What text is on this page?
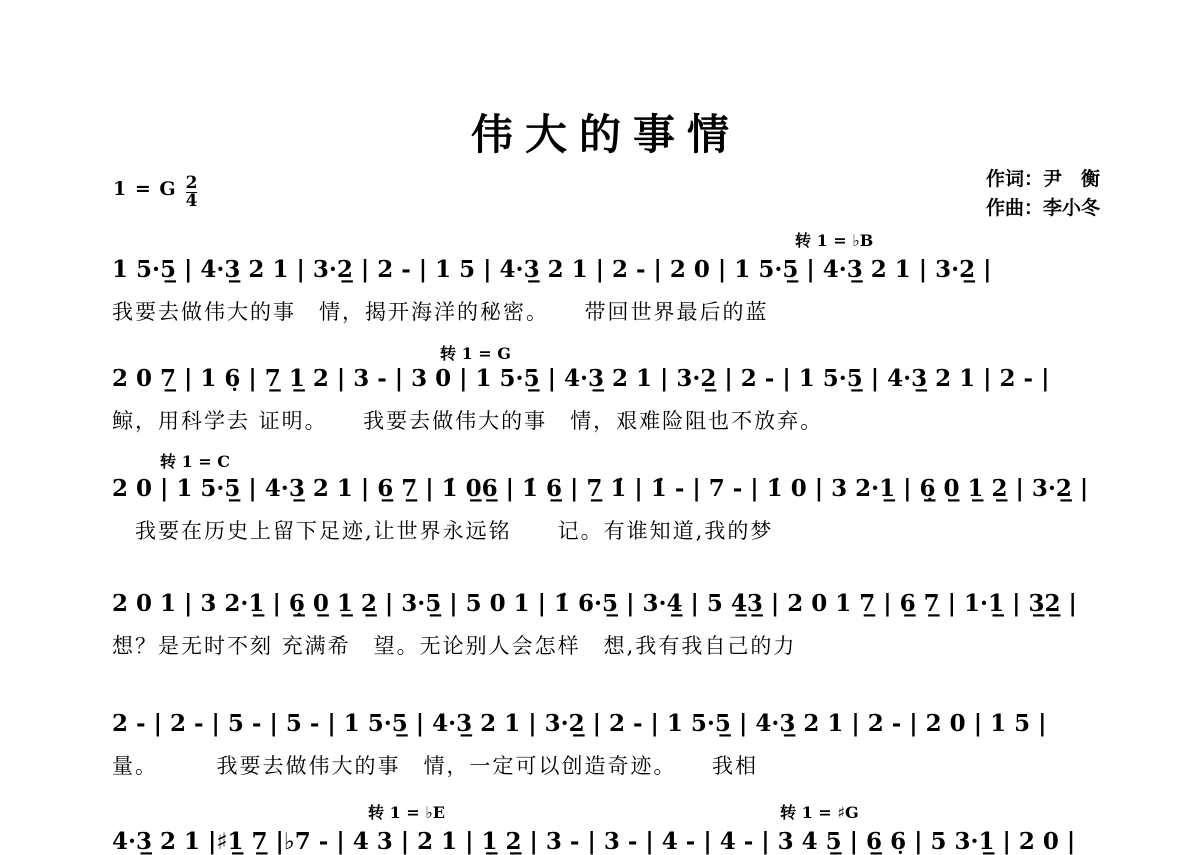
伟大的事情
1 = G $\frac{2}{4}$	作词：尹　衡
作曲：李小冬
转 1 = ♭B
1 5·5̲ | 4·3̲ 2 1 | 3·2̲ | 2 - | 1 5 | 4·3̲ 2 1 | 2 - | 2 0 | 1 5·5̲ | 4·3̲ 2 1 | 3·2̲ |
我要去做伟大的事　情，揭开海洋的秘密。　　带回世界最后的蓝
转 1 = G
2 0 7̲ | 1 6̣ | 7̲ 1̲ 2 | 3 - | 3 0 | 1 5·5̲ | 4·3̲ 2 1 | 3·2̲ | 2 - | 1 5·5̲ | 4·3̲ 2 1 | 2 - |
鲸，用科学去 证明。　　我要去做伟大的事　情，艰难险阻也不放弃。
转 1 = C
2 0 | 1 5·5̲ | 4·3̲ 2 1 | 6̲ 7̲ | 1̇ 0̲6̲ | 1̇ 6̲ | 7̲ 1̇ | 1̇ - | 7 - | 1̇ 0 | 3 2·1̲ | 6̣̲ 0̲ 1̲ 2̲ | 3·2̲ |
　我要在历史上留下足迹,让世界永远铭　　记。有谁知道,我的梦
2 0 1 | 3 2·1̲ | 6̣̲ 0̲ 1̲ 2̲ | 3·5̲ | 5 0 1 | 1̇ 6·5̲ | 3·4̲ | 5 4̲3̲ | 2 0 1 7̲ | 6̲ 7̲ | 1·1̲ | 3̲2̲ |
想？是无时不刻 充满希　望。无论别人会怎样　想,我有我自己的力
2 - | 2 - | 5 - | 5 - | 1 5·5̲ | 4·3̲ 2 1 | 3·2̲ | 2 - | 1 5·5̲ | 4·3̲ 2 1 | 2 - | 2 0 | 1 5 |
量。　　　我要去做伟大的事　情，一定可以创造奇迹。　　我相
转 1 = ♭E	转 1 = ♯G
4·3̲ 2 1 |♯1̲ 7̲ |♭7 - | 4 3 | 2 1 | 1̲ 2̲ | 3 - | 3 - | 4 - | 4 - | 3 4 5̲ | 6̲ 6̣ | 5 3·1̲ | 2 0 |
